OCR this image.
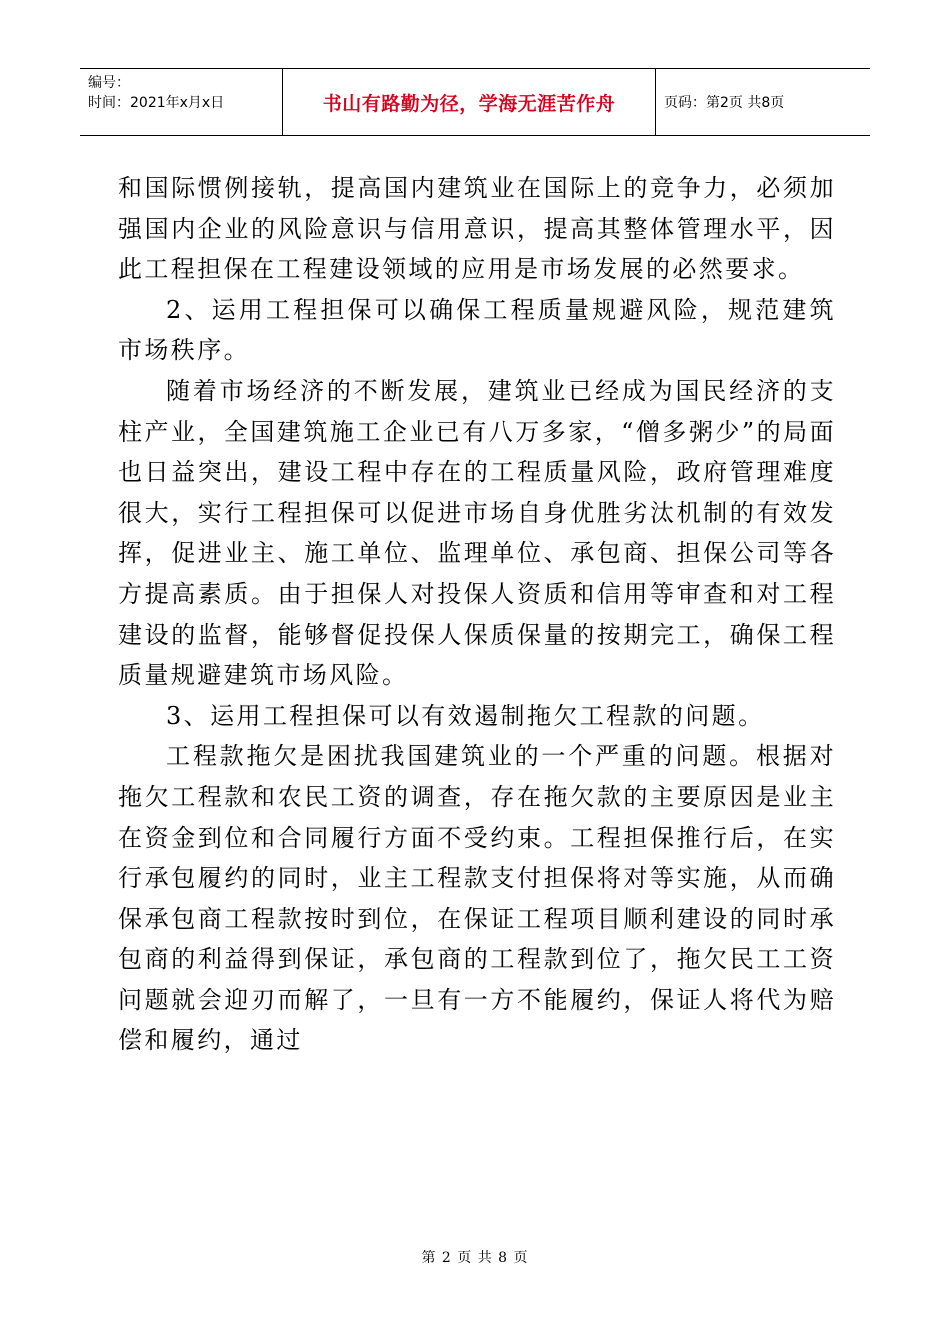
编号：
时间：2021年x月x日	书山有路勤为径，学海无涯苦作舟	页码：第2页 共8页

和国际惯例接轨，提高国内建筑业在国际上的竞争力，必须加强国内企业的风险意识与信用意识，提高其整体管理水平，因此工程担保在工程建设领域的应用是市场发展的必然要求。

2、运用工程担保可以确保工程质量规避风险，规范建筑市场秩序。

随着市场经济的不断发展，建筑业已经成为国民经济的支柱产业，全国建筑施工企业已有八万多家，“僧多粥少”的局面也日益突出，建设工程中存在的工程质量风险，政府管理难度很大，实行工程担保可以促进市场自身优胜劣汰机制的有效发挥，促进业主、施工单位、监理单位、承包商、担保公司等各方提高素质。由于担保人对投保人资质和信用等审查和对工程建设的监督，能够督促投保人保质保量的按期完工，确保工程质量规避建筑市场风险。

3、运用工程担保可以有效遏制拖欠工程款的问题。

工程款拖欠是困扰我国建筑业的一个严重的问题。根据对拖欠工程款和农民工资的调查，存在拖欠款的主要原因是业主在资金到位和合同履行方面不受约束。工程担保推行后，在实行承包履约的同时，业主工程款支付担保将对等实施，从而确保承包商工程款按时到位，在保证工程项目顺利建设的同时承包商的利益得到保证，承包商的工程款到位了，拖欠民工工资问题就会迎刃而解了，一旦有一方不能履约，保证人将代为赔偿和履约，通过

第 2 页 共 8 页
